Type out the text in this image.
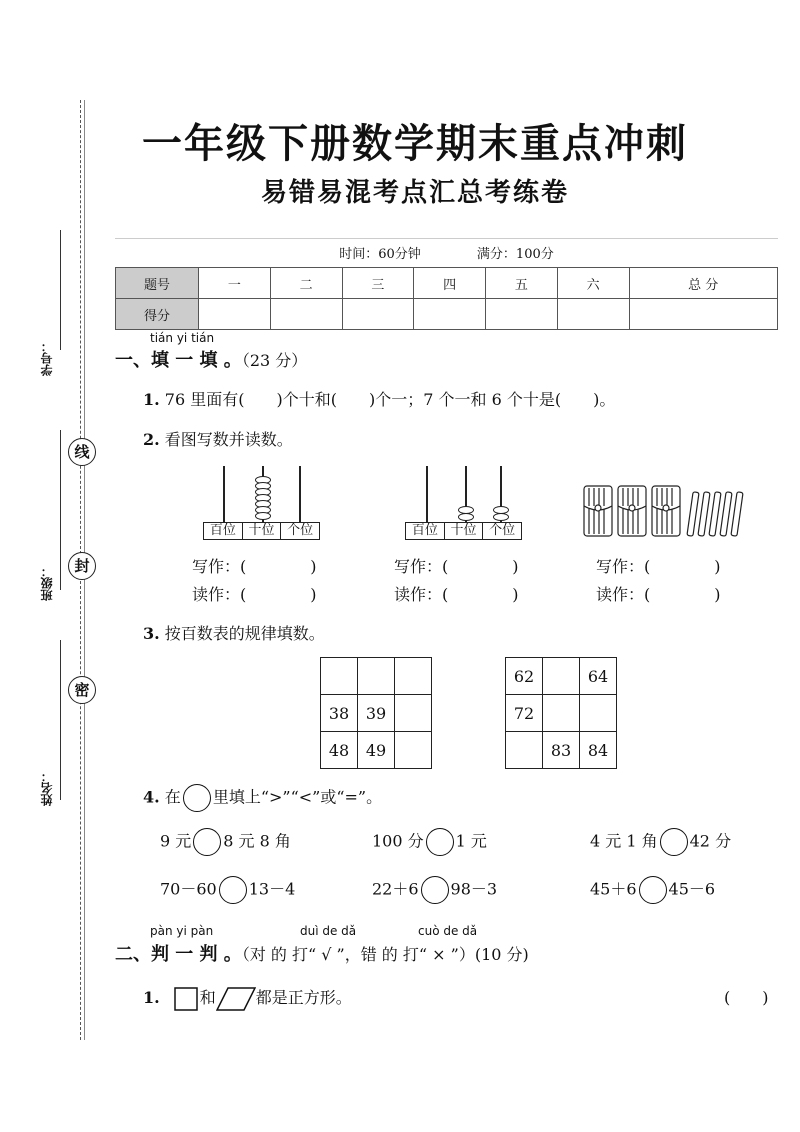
学号：
班级：
姓名：
线
封
密
一年级下册数学期末重点冲刺
易错易混考点汇总考练卷
时间：60分钟	满分：100分
题号	一	二	三	四	五	六	总 分
得分							
tián yi tián
一、填 一 填 。（23 分）
1. 76 里面有(　　)个十和(　　)个一；7 个一和 6 个十是(　　)。
2. 看图写数并读数。
百位 十位 个位	百位 十位 个位
写作：(　　　　)
读作：(　　　　)
写作：(　　　　)
读作：(　　　　)
写作：(　　　　)
读作：(　　　　)
3. 按百数表的规律填数。

38	39	
48	49	
62		64
72		
	83	84
4. 在 里填上“>”“<”或“=”。
9 元 8 元 8 角	100 分 1 元	4 元 1 角 42 分
70－60 13－4	22＋6 98－3	45＋6 45－6
pàn yi pàn	duì de dǎ	cuò de dǎ
二、判 一 判 。（对 的 打“ √ ”，错 的 打“ × ”）(10 分)
1.	和	都是正方形。	(　　)
